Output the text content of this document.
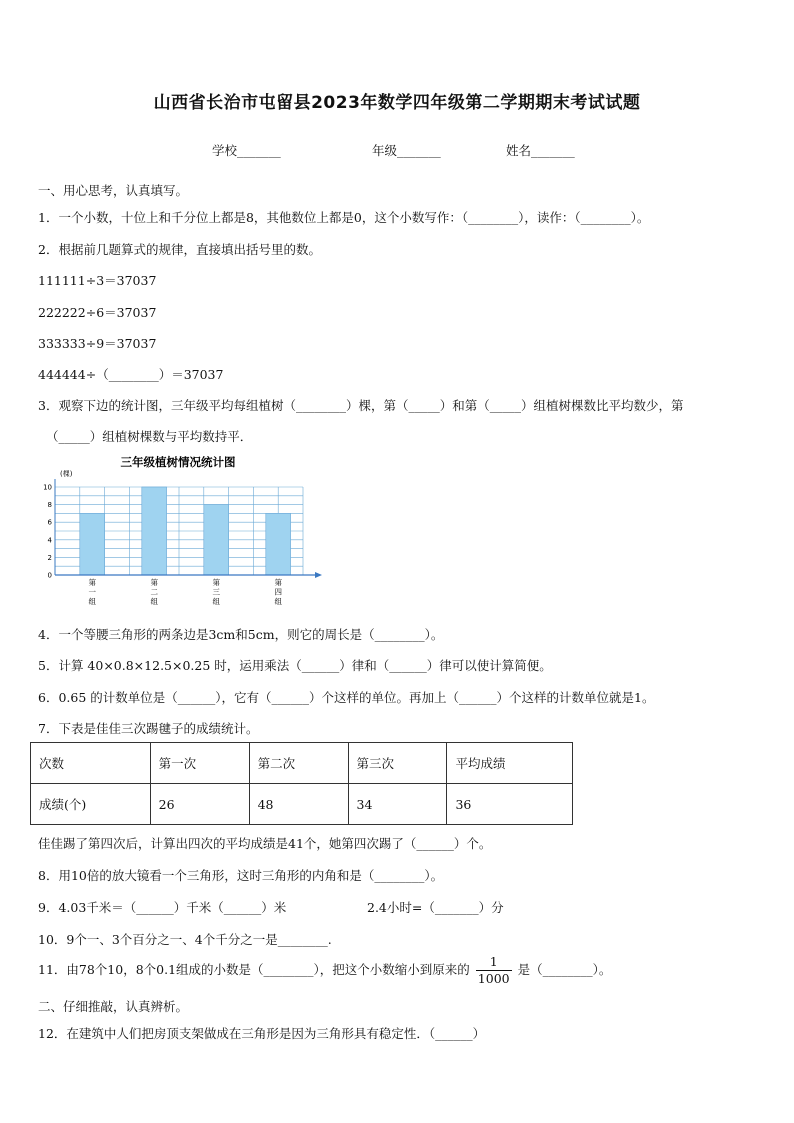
山西省长治市屯留县2023年数学四年级第二学期期末考试试题
学校_______	年级_______	姓名_______
一、用心思考，认真填写。
1．一个小数，十位上和千分位上都是8，其他数位上都是0，这个小数写作：（________），读作：（________）。
2．根据前几题算式的规律，直接填出括号里的数。
111111÷3＝37037
222222÷6＝37037
333333÷9＝37037
444444÷（________）＝37037
3．观察下边的统计图，三年级平均每组植树（________）棵，第（_____）和第（_____）组植树棵数比平均数少，第
（_____）组植树棵数与平均数持平．
三年级植树情况统计图
(棵)
0
2
4
6
8
10
第
一
组
第
二
组
第
三
组
第
四
组
4．一个等腰三角形的两条边是3cm和5cm，则它的周长是（________）。
5．计算 40×0.8×12.5×0.25 时，运用乘法（______）律和（______）律可以使计算简便。
6．0.65 的计数单位是（______），它有（______）个这样的单位。再加上（______）个这样的计数单位就是1。
7．下表是佳佳三次踢毽子的成绩统计。
次数	第一次	第二次	第三次	平均成绩
成绩(个)	26	48	34	36
佳佳踢了第四次后，计算出四次的平均成绩是41个，她第四次踢了（______）个。
8．用10倍的放大镜看一个三角形，这时三角形的内角和是（________）。
9．4.03千米＝（______）千米（______）米	2.4小时=（_______）分
10．9个一、3个百分之一、4个千分之一是________.
11．由78个10，8个0.1组成的小数是（________），把这个小数缩小到原来的 $\frac{1}{1000}$ 是（________）。
二、仔细推敲，认真辨析。
12．在建筑中人们把房顶支架做成在三角形是因为三角形具有稳定性．（______）
